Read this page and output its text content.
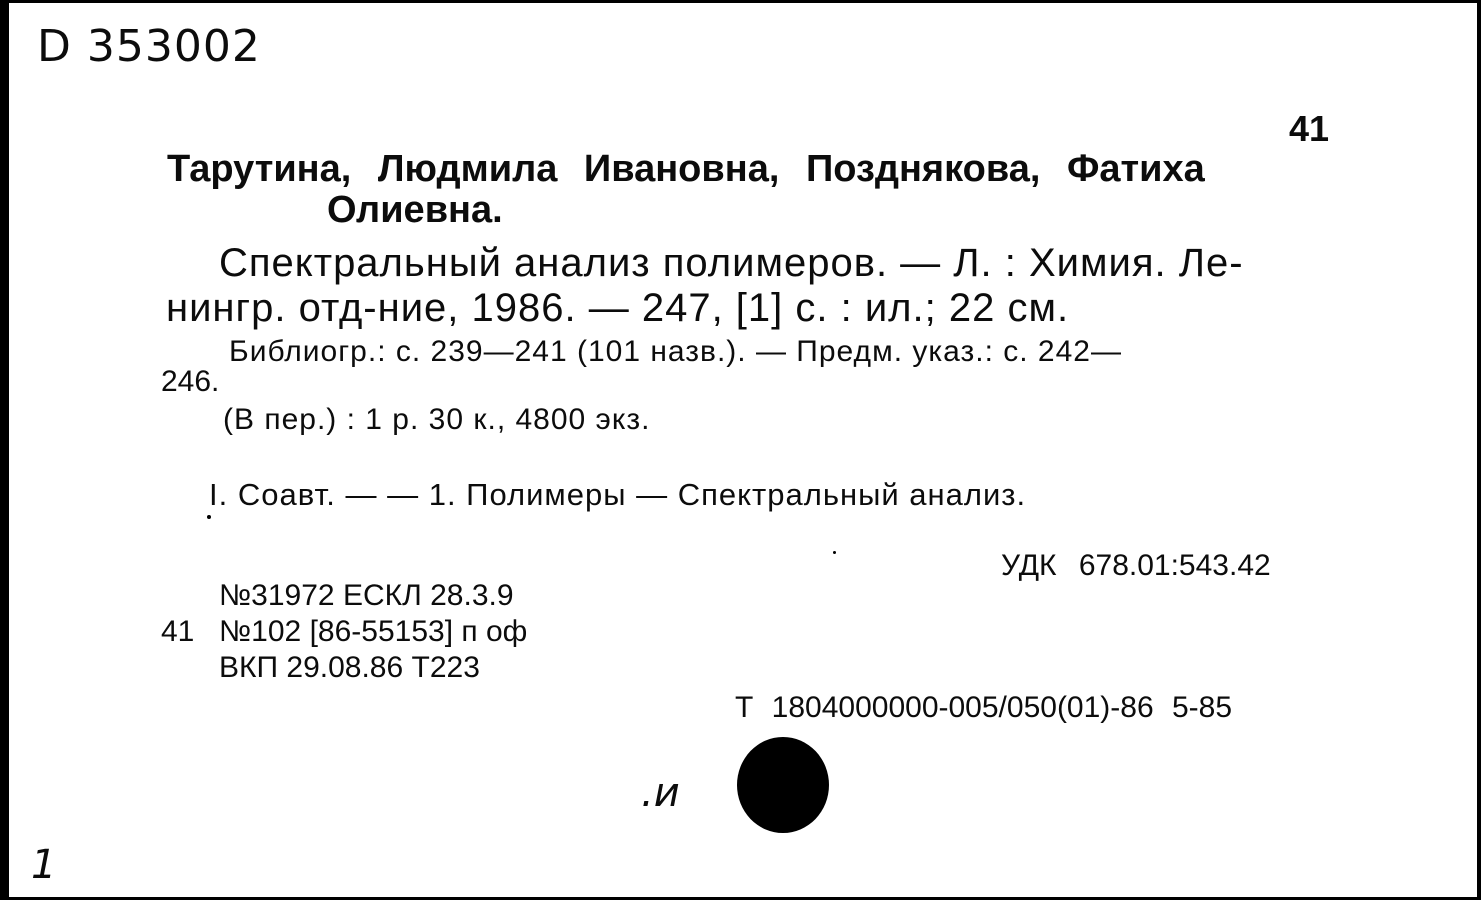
D 353002
41
Тарутина, Людмила Ивановна, Позднякова, Фатиха
Олиевна.
Спектральный анализ полимеров. — Л. : Химия. Ле-
нингр. отд-ние, 1986. — 247, [1] с. : ил.; 22 см.
Библиогр.: с. 239—241 (101 назв.). — Предм. указ.: с. 242—
246.
(В пер.) : 1 р. 30 к., 4800 экз.
I. Соавт. — — 1. Полимеры — Спектральный анализ.
УДК 678.01:543.42
№31972 ЕСКЛ 28.3.9
41 №102 [86-55153] п оф
ВКП 29.08.86 Т223
Т 1804000000-005/050(01)-86 5-85
.и
1
